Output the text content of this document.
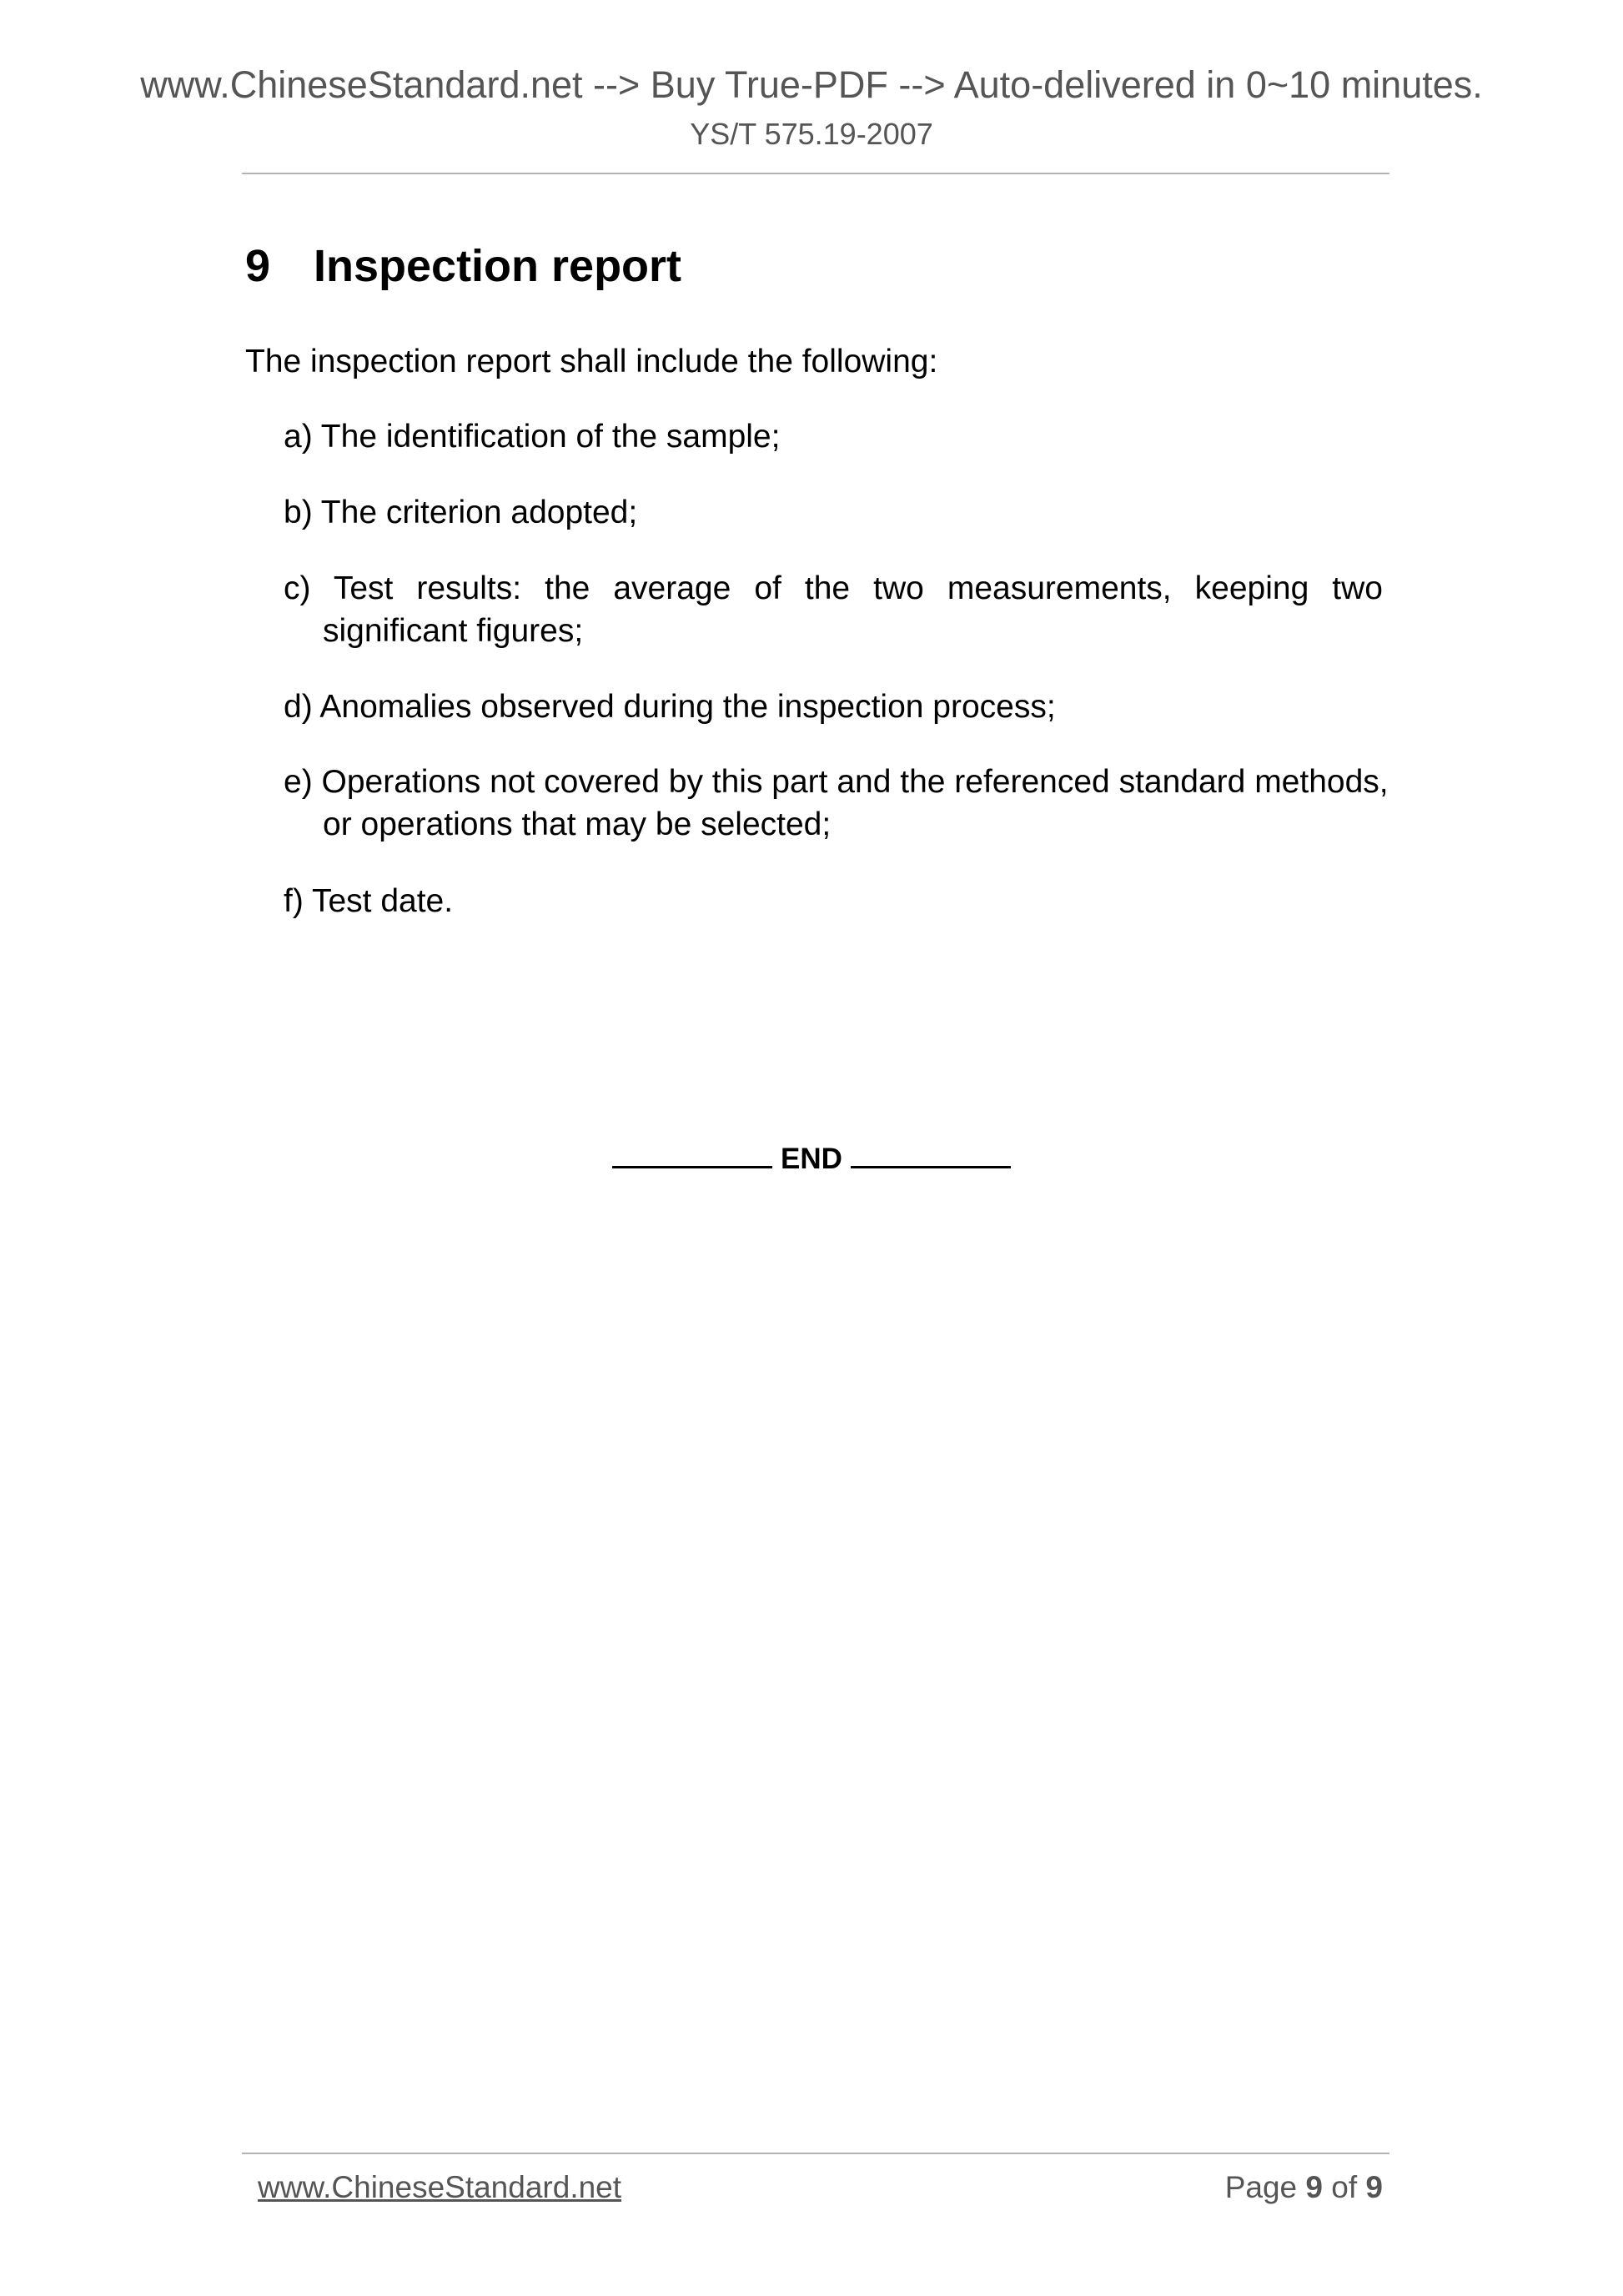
www.ChineseStandard.net --> Buy True-PDF --> Auto-delivered in 0~10 minutes.
YS/T 575.19-2007
9 Inspection report
The inspection report shall include the following:
a) The identification of the sample;
b) The criterion adopted;
c) Test results: the average of the two measurements, keeping two
significant figures;
d) Anomalies observed during the inspection process;
e) Operations not covered by this part and the referenced standard methods,
or operations that may be selected;
f) Test date.
END
www.ChineseStandard.net	Page 9 of 9
